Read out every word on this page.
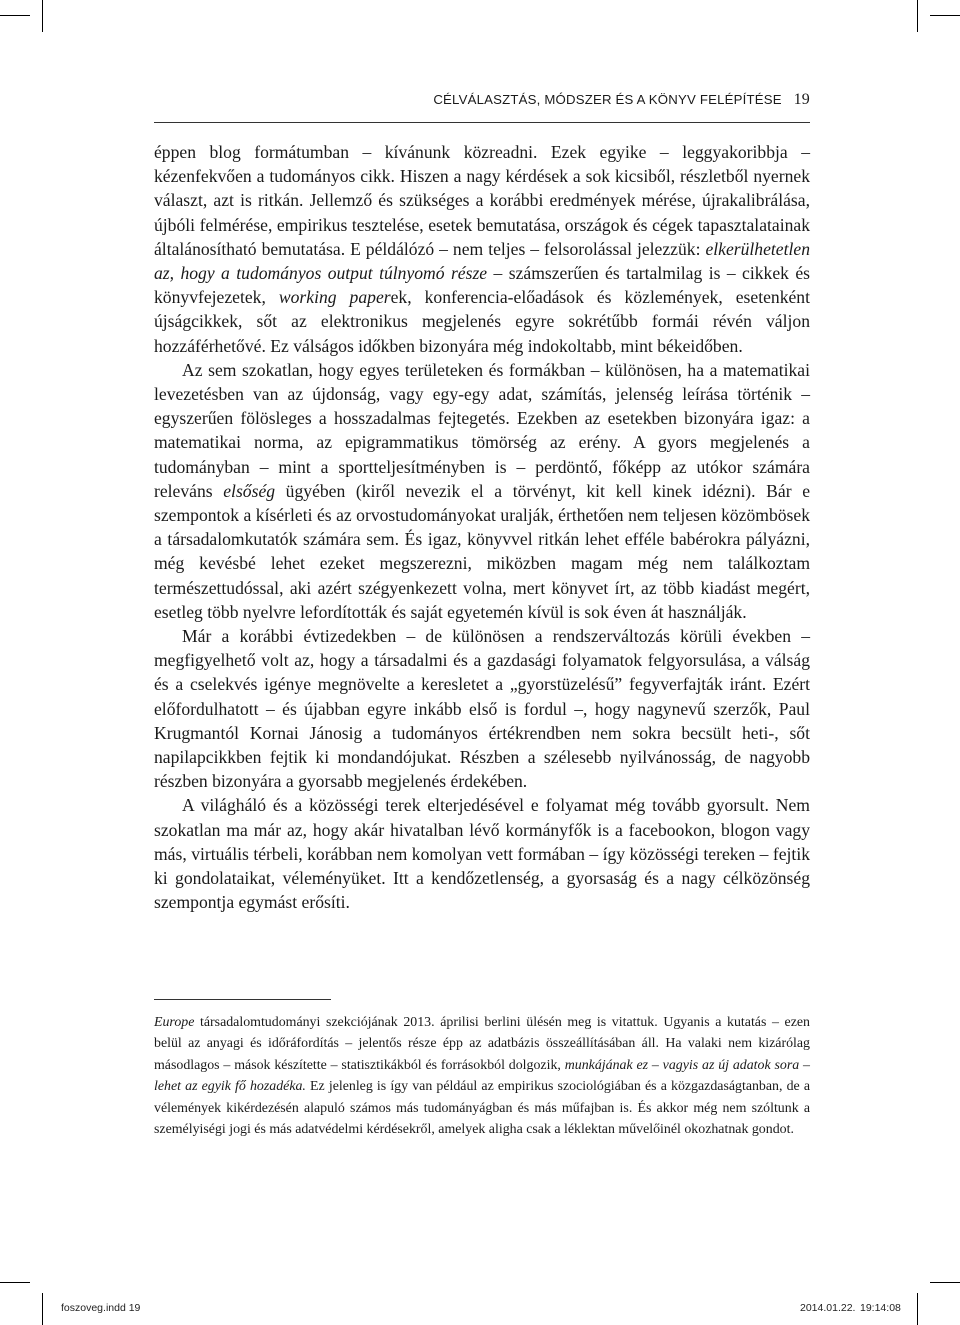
CÉLVÁLASZTÁS, MÓDSZER ÉS A KÖNYV FELÉPÍTÉSE 19

éppen blog formátumban – kívánunk közreadni. Ezek egyike – leggyakoribbja – kézenfekvően a tudományos cikk. Hiszen a nagy kérdések a sok kicsiből, részletből nyernek választ, azt is ritkán. Jellemző és szükséges a korábbi eredmények mérése, újrakalibrálása, újbóli felmérése, empirikus tesztelése, esetek bemutatása, országok és cégek tapasztalatainak általánosítható bemutatása. E példálózó – nem teljes – felsorolással jelezzük: elkerülhetetlen az, hogy a tudományos output túlnyomó része – számszerűen és tartalmilag is – cikkek és könyvfejezetek, working paperek, konferencia-előadások és közlemények, esetenként újságcikkek, sőt az elektronikus megjelenés egyre sokrétűbb formái révén váljon hozzáférhetővé. Ez válságos időkben bizonyára még indokoltabb, mint békeidőben.

Az sem szokatlan, hogy egyes területeken és formákban – különösen, ha a matematikai levezetésben van az újdonság, vagy egy-egy adat, számítás, jelenség leírása történik – egyszerűen fölösleges a hosszadalmas fejtegetés. Ezekben az esetekben bizonyára igaz: a matematikai norma, az epigrammatikus tömörség az erény. A gyors megjelenés a tudományban – mint a sportteljesítményben is – perdöntő, főképp az utókor számára releváns elsőség ügyében (kiről nevezik el a törvényt, kit kell kinek idézni). Bár e szempontok a kísérleti és az orvostudományokat uralják, érthetően nem teljesen közömbösek a társadalomkutatók számára sem. És igaz, könyvvel ritkán lehet efféle babérokra pályázni, még kevésbé lehet ezeket megszerezni, miközben magam még nem találkoztam természettudóssal, aki azért szégyenkezett volna, mert könyvet írt, az több kiadást megért, esetleg több nyelvre lefordították és saját egyetemén kívül is sok éven át használják.

Már a korábbi évtizedekben – de különösen a rendszerváltozás körüli években – megfigyelhető volt az, hogy a társadalmi és a gazdasági folyamatok felgyorsulása, a válság és a cselekvés igénye megnövelte a keresletet a „gyorstüzelésű” fegyverfajták iránt. Ezért előfordulhatott – és újabban egyre inkább első is fordul –, hogy nagynevű szerzők, Paul Krugmantól Kornai Jánosig a tudományos értékrendben nem sokra becsült heti-, sőt napilapcikkben fejtik ki mondandójukat. Részben a szélesebb nyilvánosság, de nagyobb részben bizonyára a gyorsabb megjelenés érdekében.

A világháló és a közösségi terek elterjedésével e folyamat még tovább gyorsult. Nem szokatlan ma már az, hogy akár hivatalban lévő kormányfők is a facebookon, blogon vagy más, virtuális térbeli, korábban nem komolyan vett formában – így közösségi tereken – fejtik ki gondolataikat, véleményüket. Itt a kendőzetlenség, a gyorsaság és a nagy célközönség szempontja egymást erősíti.

Europe társadalomtudományi szekciójának 2013. áprilisi berlini ülésén meg is vitattuk. Ugyanis a kutatás – ezen belül az anyagi és időráfordítás – jelentős része épp az adatbázis összeállításában áll. Ha valaki nem kizárólag másodlagos – mások készítette – statisztikákból és forrásokból dolgozik, munkájának ez – vagyis az új adatok sora – lehet az egyik fő hozadéka. Ez jelenleg is így van például az empirikus szociológiában és a közgazdaságtanban, de a vélemények kikérdezésén alapuló számos más tudományágban és más műfajban is. És akkor még nem szóltunk a személyiségi jogi és más adatvédelmi kérdésekről, amelyek aligha csak a léklektan művelőinél okozhatnak gondot.

foszoveg.indd 19	2014.01.22. 19:14:08
